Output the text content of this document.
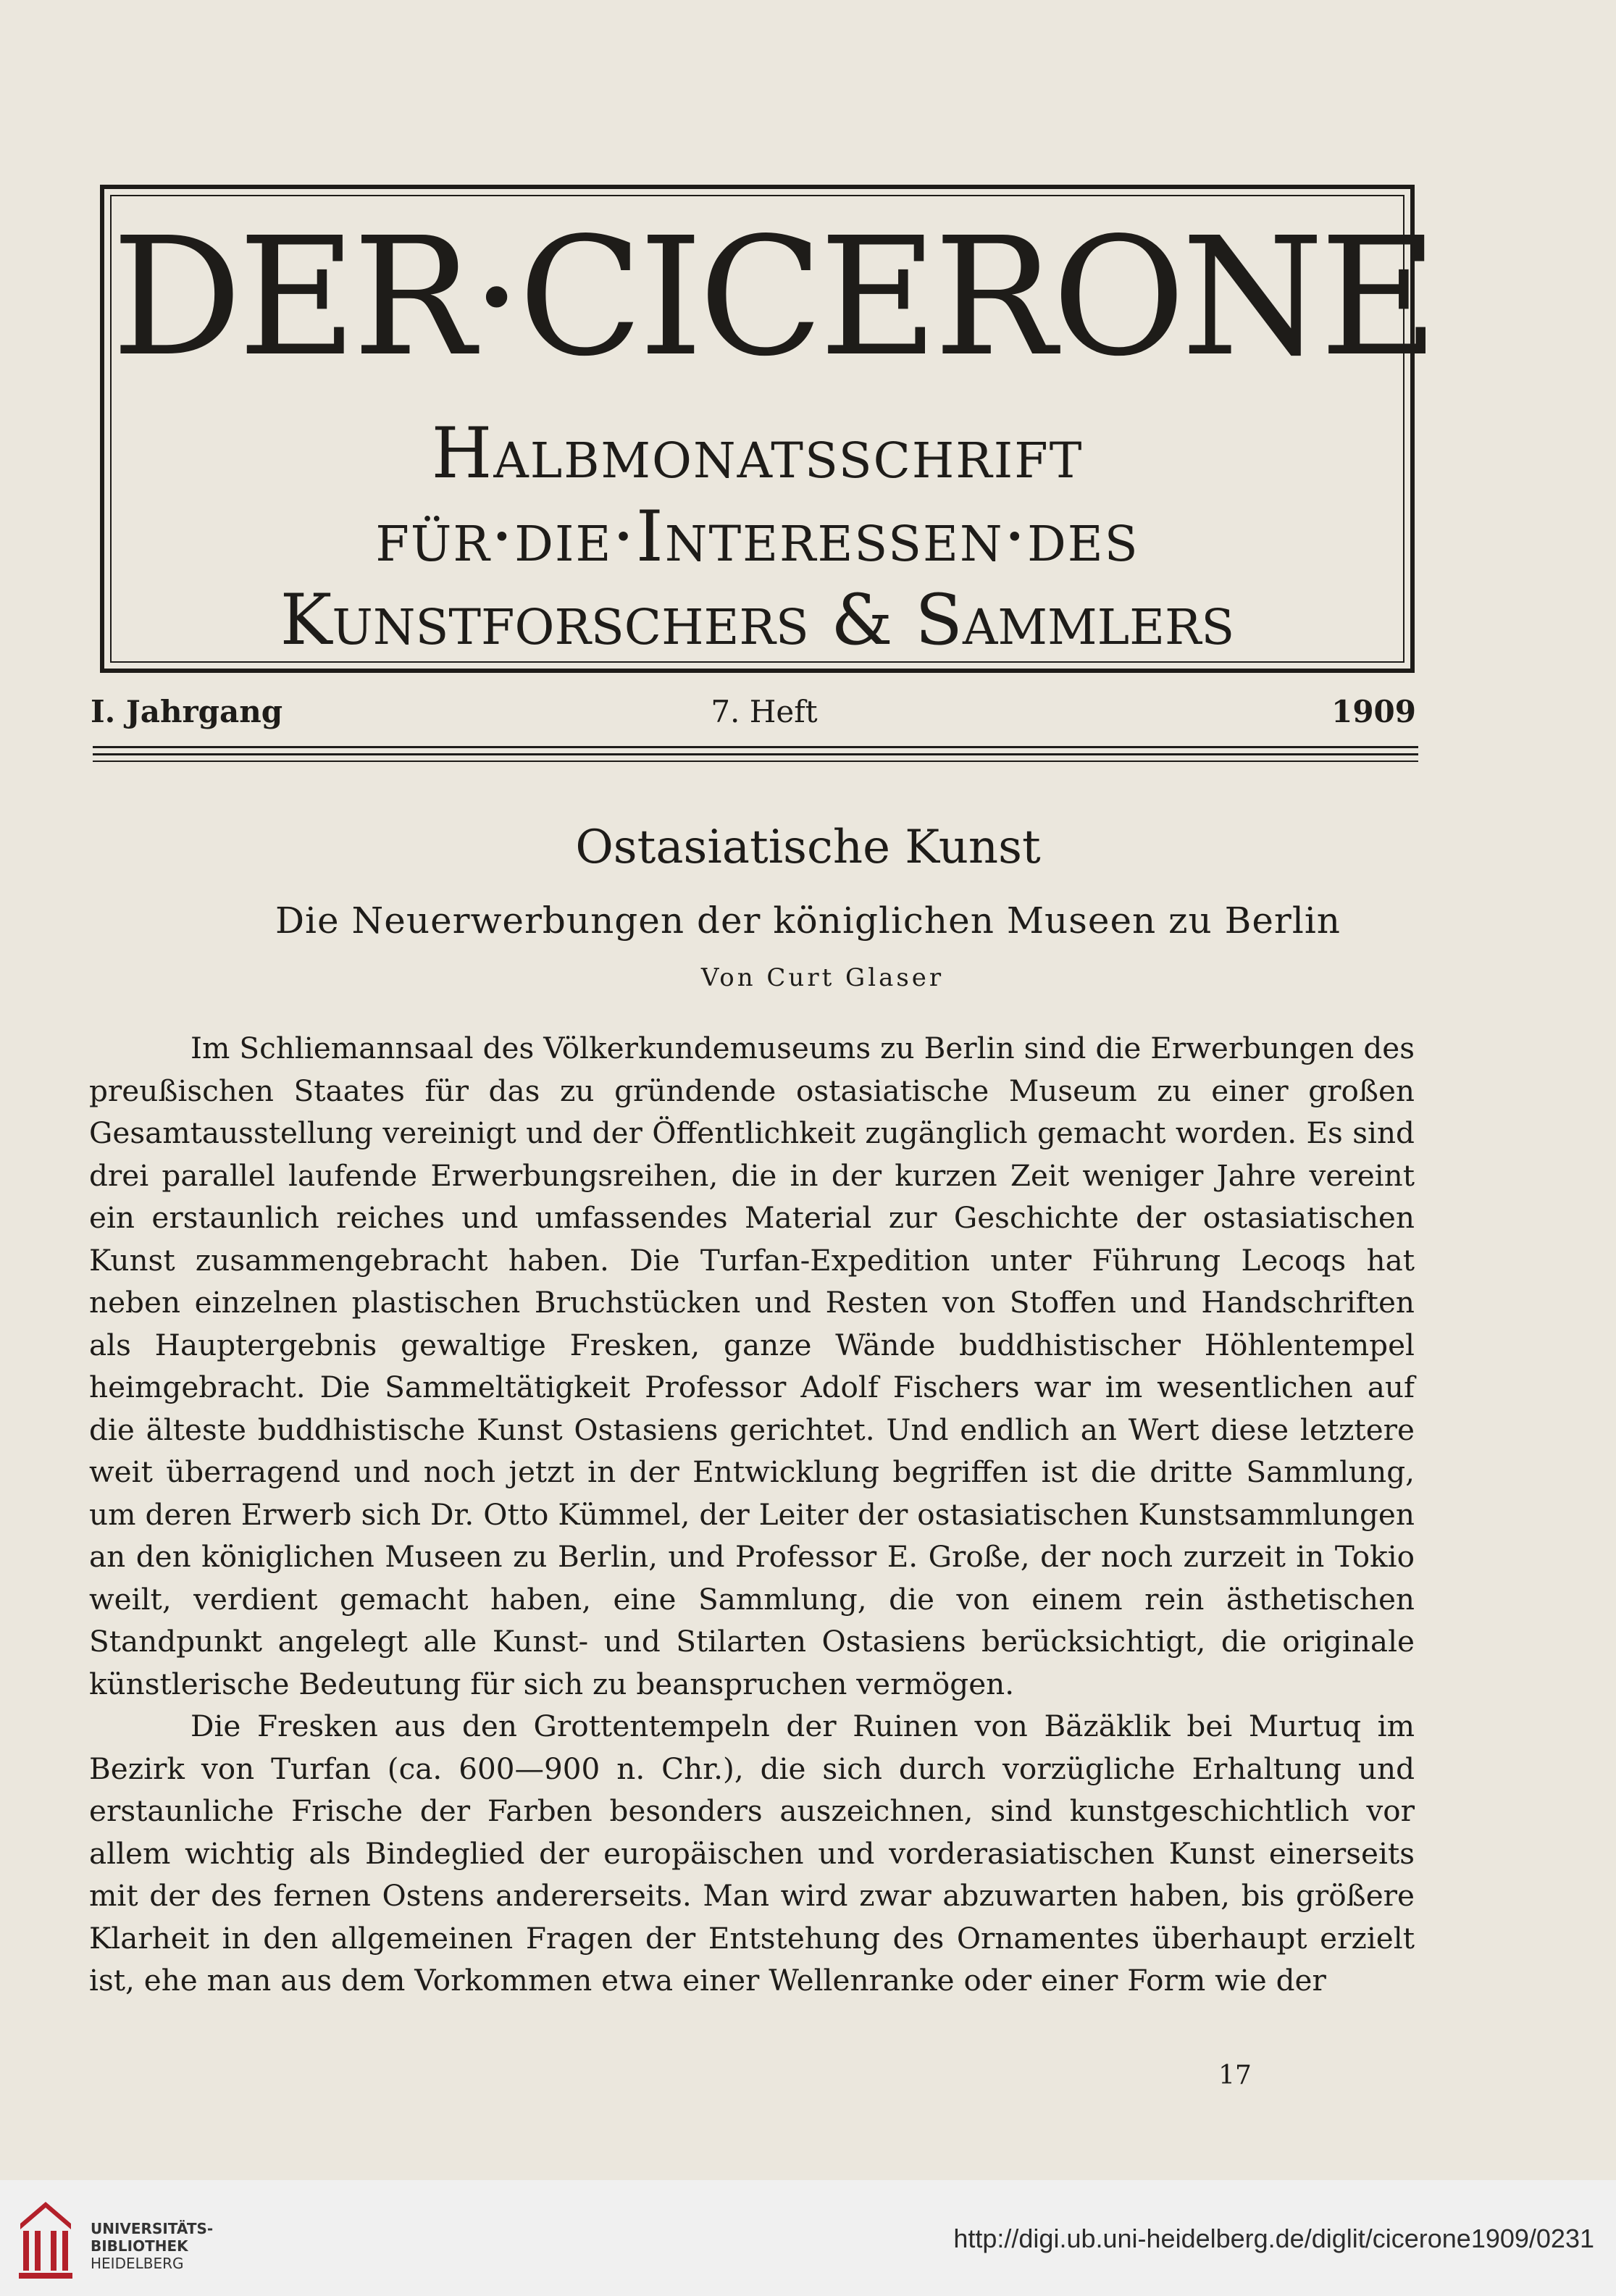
DER·CICERONE
Halbmonatsschrift
für·die·Interessen·des
Kunstforschers & Sammlers
I. Jahrgang	7. Heft	1909
Ostasiatische Kunst
Die Neuerwerbungen der königlichen Museen zu Berlin
Von Curt Glaser

Im Schliemannsaal des Völkerkundemuseums zu Berlin sind die Erwerbungen des preußischen Staates für das zu gründende ostasiatische Museum zu einer großen Gesamtausstellung vereinigt und der Öffentlichkeit zugänglich gemacht worden. Es sind drei parallel laufende Erwerbungsreihen, die in der kurzen Zeit weniger Jahre vereint ein erstaunlich reiches und umfassendes Material zur Geschichte der ostasiatischen Kunst zusammengebracht haben. Die Turfan-Expedition unter Führung Lecoqs hat neben einzelnen plastischen Bruchstücken und Resten von Stoffen und Handschriften als Hauptergebnis gewaltige Fresken, ganze Wände buddhistischer Höhlentempel heimgebracht. Die Sammeltätigkeit Professor Adolf Fischers war im wesentlichen auf die älteste buddhistische Kunst Ostasiens gerichtet. Und endlich an Wert diese letztere weit überragend und noch jetzt in der Entwicklung begriffen ist die dritte Sammlung, um deren Erwerb sich Dr. Otto Kümmel, der Leiter der ostasiatischen Kunstsammlungen an den königlichen Museen zu Berlin, und Professor E. Große, der noch zurzeit in Tokio weilt, verdient gemacht haben, eine Sammlung, die von einem rein ästhetischen Standpunkt angelegt alle Kunst- und Stilarten Ostasiens berücksichtigt, die originale künstlerische Bedeutung für sich zu beanspruchen vermögen.

Die Fresken aus den Grottentempeln der Ruinen von Bäzäklik bei Murtuq im Bezirk von Turfan (ca. 600—900 n. Chr.), die sich durch vorzügliche Erhaltung und erstaunliche Frische der Farben besonders auszeichnen, sind kunstgeschichtlich vor allem wichtig als Bindeglied der europäischen und vorderasiatischen Kunst einerseits mit der des fernen Ostens andererseits. Man wird zwar abzuwarten haben, bis größere Klarheit in den allgemeinen Fragen der Entstehung des Ornamentes überhaupt erzielt ist, ehe man aus dem Vorkommen etwa einer Wellenranke oder einer Form wie der

17
UNIVERSITÄTS-
BIBLIOTHEK
HEIDELBERG
http://digi.ub.uni-heidelberg.de/diglit/cicerone1909/0231
